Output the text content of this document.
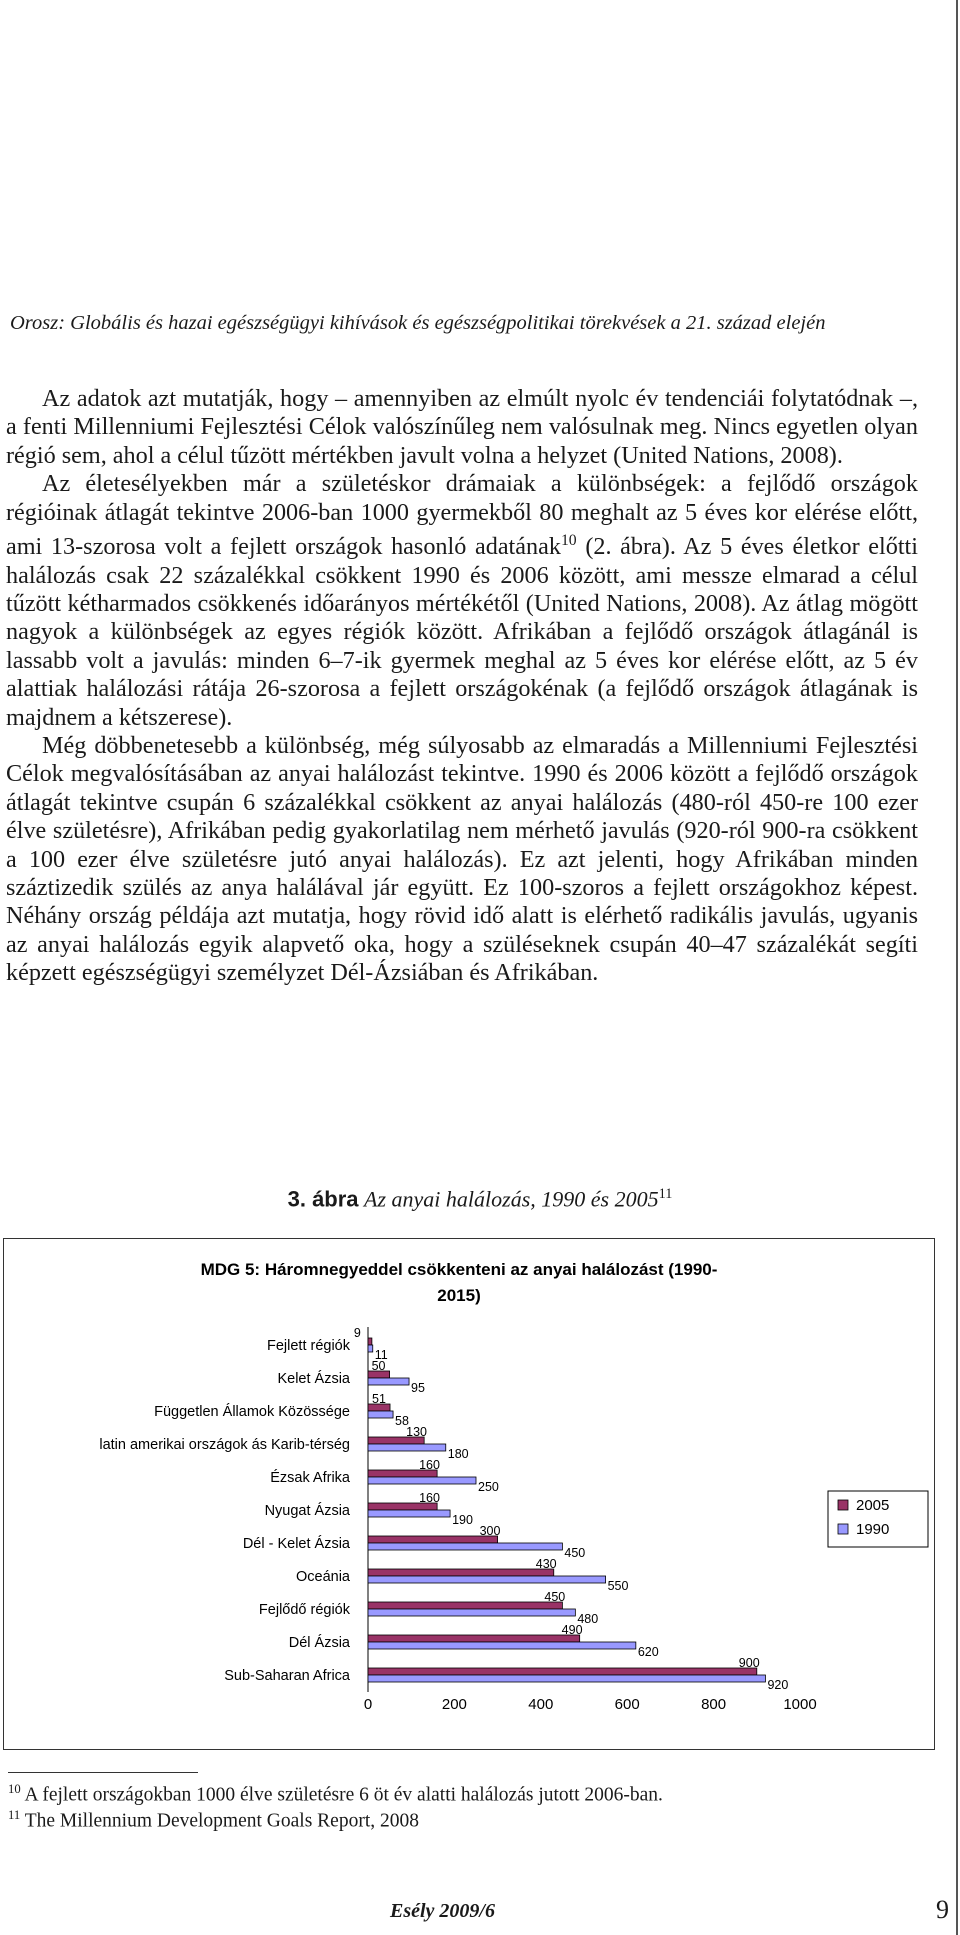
Orosz: Globális és hazai egészségügyi kihívások és egészségpolitikai törekvések a 21. század elején

Az adatok azt mutatják, hogy – amennyiben az elmúlt nyolc év tendenciái folytatódnak –, a fenti Millenniumi Fejlesztési Célok valószínűleg nem valósulnak meg. Nincs egyetlen olyan régió sem, ahol a célul tűzött mértékben javult volna a helyzet (United Nations, 2008).

Az életesélyekben már a születéskor drámaiak a különbségek: a fejlődő országok régióinak átlagát tekintve 2006-ban 1000 gyermekből 80 meghalt az 5 éves kor elérése előtt, ami 13-szorosa volt a fejlett országok hasonló adatának$^{10}$ (2. ábra). Az 5 éves életkor előtti halálozás csak 22 százalékkal csökkent 1990 és 2006 között, ami messze elmarad a célul tűzött kétharmados csökkenés időarányos mértékétől (United Nations, 2008). Az átlag mögött nagyok a különbségek az egyes régiók között. Afrikában a fejlődő országok átlagánál is lassabb volt a javulás: minden 6–7-ik gyermek meghal az 5 éves kor elérése előtt, az 5 év alattiak halálozási rátája 26-szorosa a fejlett országokénak (a fejlődő országok átlagának is majdnem a kétszerese).

Még döbbenetesebb a különbség, még súlyosabb az elmaradás a Millenniumi Fejlesztési Célok megvalósításában az anyai halálozást tekintve. 1990 és 2006 között a fejlődő országok átlagát tekintve csupán 6 százalékkal csökkent az anyai halálozás (480-ról 450-re 100 ezer élve születésre), Afrikában pedig gyakorlatilag nem mérhető javulás (920-ról 900-ra csökkent a 100 ezer élve születésre jutó anyai halálozás). Ez azt jelenti, hogy Afrikában minden száztizedik szülés az anya halálával jár együtt. Ez 100-szoros a fejlett országokhoz képest. Néhány ország példája azt mutatja, hogy rövid idő alatt is elérhető radikális javulás, ugyanis az anyai halálozás egyik alapvető oka, hogy a szüléseknek csupán 40–47 százalékát segíti képzett egészségügyi személyzet Dél-Ázsiában és Afrikában.

3. ábra Az anyai halálozás, 1990 és 2005$^{11}$
MDG 5: Háromnegyeddel csökkenteni az anyai halálozást (1990-
2015)
Fejlett régiók
9
11
Kelet Ázsia
50
95
Független Államok Közössége
51
58
latin amerikai országok ás Karib-térség
130
180
Ézsak Afrika
160
250
Nyugat Ázsia
160
190
Dél - Kelet Ázsia
300
450
Oceánia
430
550
Fejlődő régiók
450
480
Dél Ázsia
490
620
Sub-Saharan Africa
900
920
0	200	400	600	800	1000
2005
1990
$^{10}$ A fejlett országokban 1000 élve születésre 6 öt év alatti halálozás jutott 2006-ban.
$^{11}$ The Millennium Development Goals Report, 2008
Esély 2009/6	9
